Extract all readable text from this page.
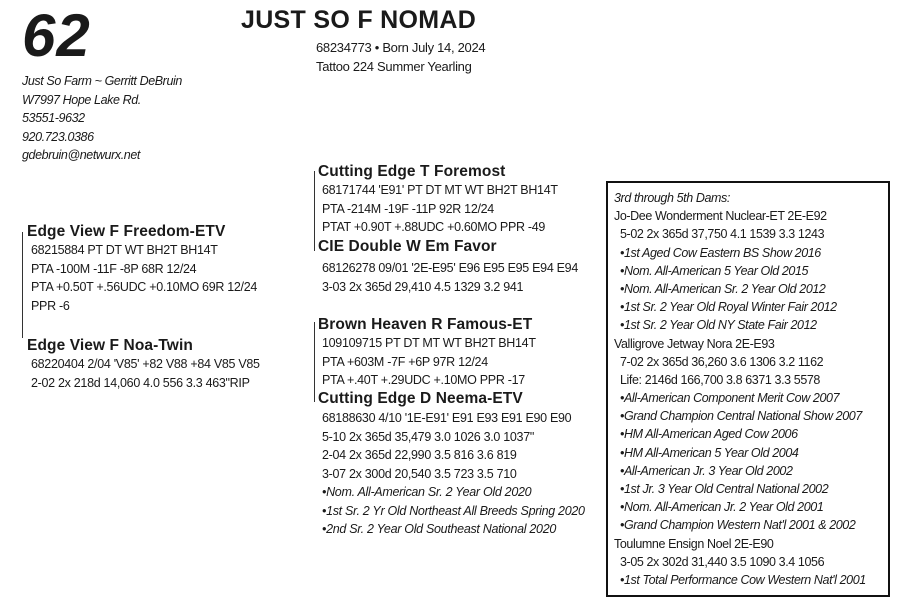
62	JUST SO F NOMAD
68234773 • Born July 14, 2024
Tattoo 224 Summer Yearling
Just So Farm ~ Gerritt DeBruin
W7997 Hope Lake Rd.
53551-9632
920.723.0386
gdebruin@netwurx.net
Edge View F Freedom-ETV
68215884 PT DT WT BH2T BH14T
PTA -100M -11F -8P 68R 12/24
PTA +0.50T +.56UDC +0.10MO 69R 12/24
PPR -6
Edge View F Noa-Twin
68220404 2/04 'V85' +82 V88 +84 V85 V85
2-02 2x 218d 14,060 4.0 556 3.3 463"RIP
Cutting Edge T Foremost
68171744 'E91' PT DT MT WT BH2T BH14T
PTA -214M -19F -11P 92R 12/24
PTAT +0.90T +.88UDC +0.60MO PPR -49
CIE Double W Em Favor
68126278 09/01 '2E-E95' E96 E95 E95 E94 E94
3-03 2x 365d 29,410 4.5 1329 3.2 941
Brown Heaven R Famous-ET
109109715 PT DT MT WT BH2T BH14T
PTA +603M -7F +6P 97R 12/24
PTA +.40T +.29UDC +.10MO PPR -17
Cutting Edge D Neema-ETV
68188630 4/10 '1E-E91' E91 E93 E91 E90 E90
5-10 2x 365d 35,479 3.0 1026 3.0 1037"
2-04 2x 365d 22,990 3.5 816 3.6 819
3-07 2x 300d 20,540 3.5 723 3.5 710
•Nom. All-American Sr. 2 Year Old 2020
•1st Sr. 2 Yr Old Northeast All Breeds Spring 2020
•2nd Sr. 2 Year Old Southeast National 2020
3rd through 5th Dams:
Jo-Dee Wonderment Nuclear-ET 2E-E92
5-02 2x 365d 37,750 4.1 1539 3.3 1243
•1st Aged Cow Eastern BS Show 2016
•Nom. All-American 5 Year Old 2015
•Nom. All-American Sr. 2 Year Old 2012
•1st Sr. 2 Year Old Royal Winter Fair 2012
•1st Sr. 2 Year Old NY State Fair 2012
Valligrove Jetway Nora 2E-E93
7-02 2x 365d 36,260 3.6 1306 3.2 1162
Life: 2146d 166,700 3.8 6371 3.3 5578
•All-American Component Merit Cow 2007
•Grand Champion Central National Show 2007
•HM All-American Aged Cow 2006
•HM All-American 5 Year Old 2004
•All-American Jr. 3 Year Old 2002
•1st Jr. 3 Year Old Central National 2002
•Nom. All-American Jr. 2 Year Old 2001
•Grand Champion Western Nat'l 2001 & 2002
Toulumne Ensign Noel 2E-E90
3-05 2x 302d 31,440 3.5 1090 3.4 1056
•1st Total Performance Cow Western Nat'l 2001
